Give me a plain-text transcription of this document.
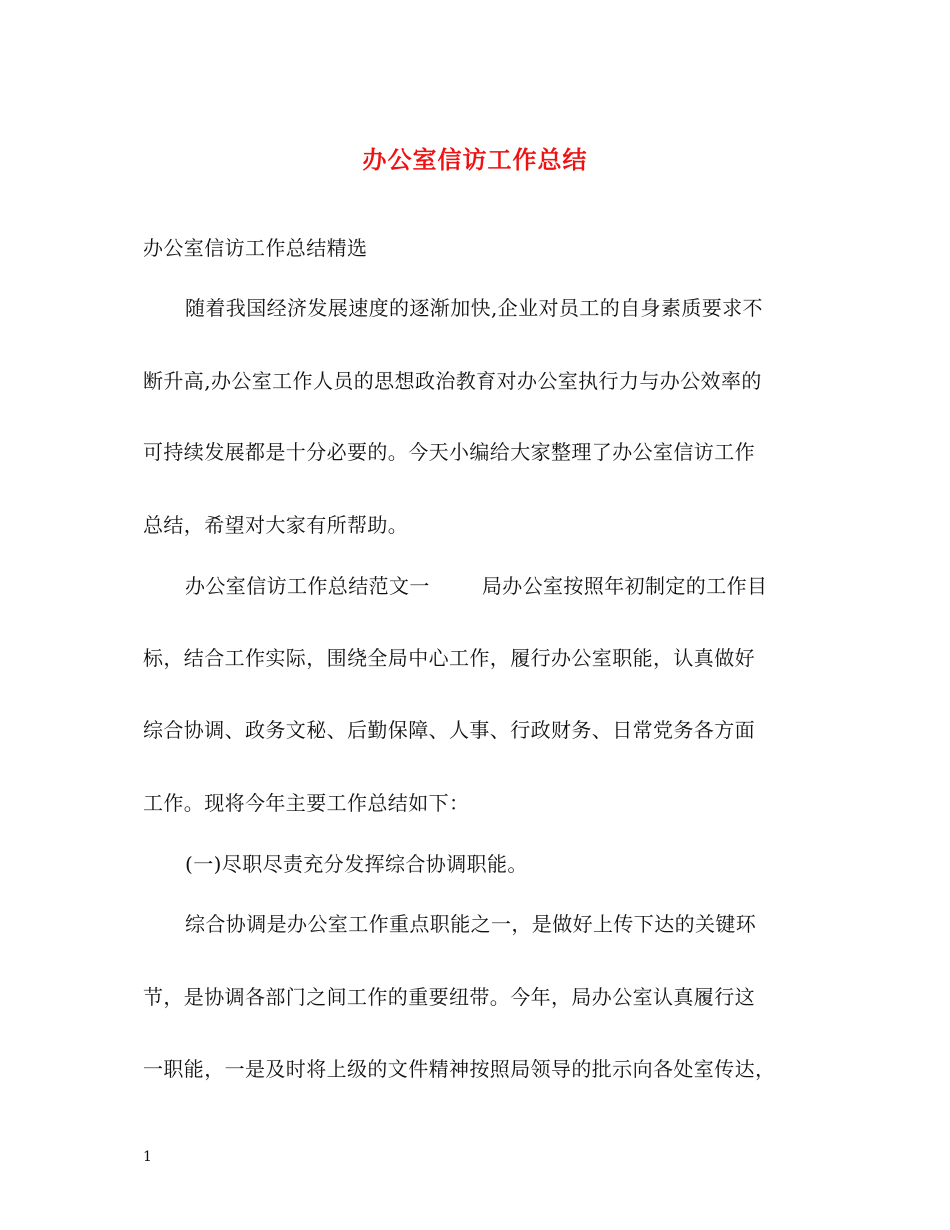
办公室信访工作总结
办公室信访工作总结精选
随着我国经济发展速度的逐渐加快,企业对员工的自身素质要求不
断升高,办公室工作人员的思想政治教育对办公室执行力与办公效率的
可持续发展都是十分必要的。今天小编给大家整理了办公室信访工作
总结，希望对大家有所帮助。
办公室信访工作总结范文一	局办公室按照年初制定的工作目
标，结合工作实际，围绕全局中心工作，履行办公室职能，认真做好
综合协调、政务文秘、后勤保障、人事、行政财务、日常党务各方面
工作。现将今年主要工作总结如下：
(一)尽职尽责充分发挥综合协调职能。
综合协调是办公室工作重点职能之一，是做好上传下达的关键环
节，是协调各部门之间工作的重要纽带。今年，局办公室认真履行这
一职能，一是及时将上级的文件精神按照局领导的批示向各处室传达，
1
